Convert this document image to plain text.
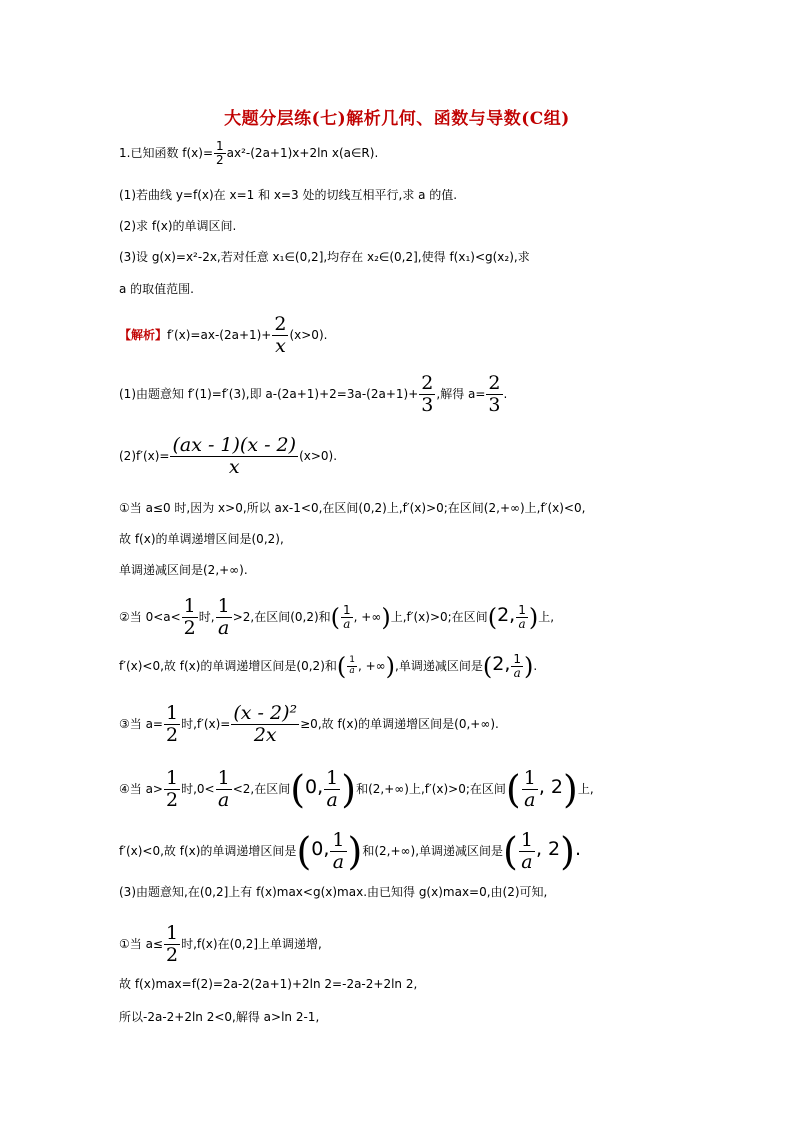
大题分层练(七)解析几何、函数与导数(C组)
1.已知函数 $f(x)= \frac{1}{2} ax^2-(2a+1)x+2\ln$ x(a∈R).
(1)若曲线 y=f(x)在 x=1 和 x=3 处的切线互相平行,求 a 的值.
(2)求 f(x)的单调区间.
(3)设 g(x)=x²-2x,若对任意 x₁∈(0,2],均存在 x₂∈(0,2],使得 f(x₁)<g(x₂),求
a 的取值范围.
【解析】$f'(x)=ax-(2a+1)+ \frac{2}{x} (x>0)$.
(1)由题意知 f′(1)=f′(3),即 $a-(2a+1)+2=3a-(2a+1)+ \frac{2}{3}$ ,解得 $a= \frac{2}{3}$ .
$(2)f'(x)= \frac{(ax - 1)(x - 2)}{x} (x>0)$.
①当 a≤0 时,因为 x>0,所以 ax-1<0,在区间(0,2)上,f′(x)>0;在区间(2,+∞)上,f′(x)<0,
故 f(x)的单调递增区间是(0,2),
单调递减区间是(2,+∞).
②当 $0<a< \frac{1}{2}$ 时, $\frac{1}{a} >2$,在区间(0,2)和( $\frac{1}{a}$ , +∞)上,f′(x)>0;在区间(2, $\frac{1}{a}$ )上,
f′(x)<0,故 f(x)的单调递增区间是(0,2)和( $\frac{1}{a}$ , +∞),单调递减区间是(2, $\frac{1}{a}$ ).
③当 $a= \frac{1}{2}$ 时$,f'(x)= \frac{\text{(x - 2)²}}{2x} \ge 0$,故 f(x)的单调递增区间是(0,+∞).
④当 $a> \frac{1}{2}$ 时$,0< \frac{1}{a} <2$,在区间(0, $\frac{1}{a}$ )和(2,+∞)上,f′(x)>0;在区间( $\frac{1}{a}$ , 2)上,
f′(x)<0,故 f(x)的单调递增区间是(0, $\frac{1}{a}$ )和(2,+∞),单调递减区间是( $\frac{1}{a}$ , 2).
(3)由题意知,在(0,2]上有 f(x)max<g(x)max.由已知得 g(x)max=0,由(2)可知,
①当 $a\le \frac{1}{2}$ 时,f(x)在(0,2]上单调递增,
故 f(x)max=f(2)=2a-2(2a+1)+2ln 2=-2a-2+2ln 2,
所以-2a-2+2ln 2<0,解得 a>ln 2-1,
